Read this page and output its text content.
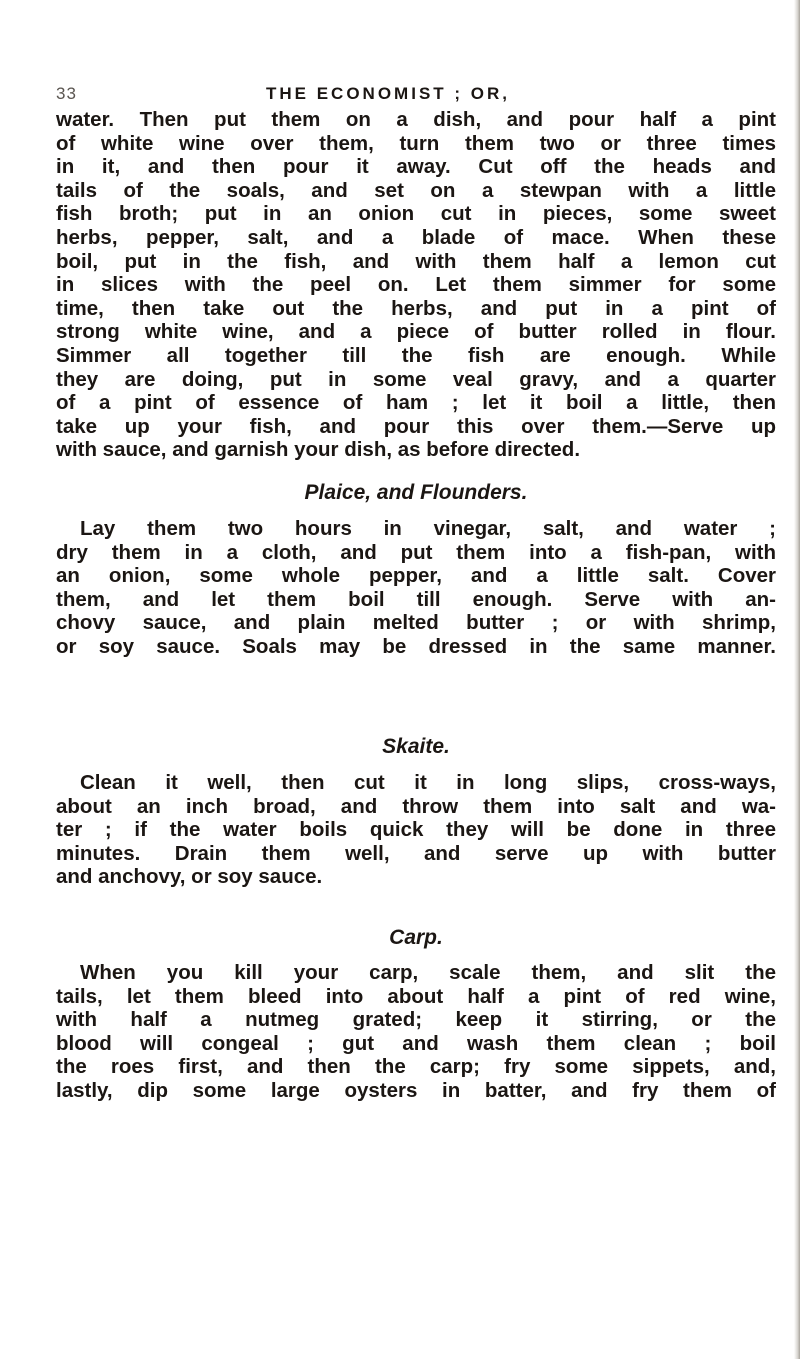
33	THE ECONOMIST ; OR,
water. Then put them on a dish, and pour half a pint
of white wine over them, turn them two or three times
in it, and then pour it away. Cut off the heads and
tails of the soals, and set on a stewpan with a little
fish broth; put in an onion cut in pieces, some sweet
herbs, pepper, salt, and a blade of mace. When these
boil, put in the fish, and with them half a lemon cut
in slices with the peel on. Let them simmer for some
time, then take out the herbs, and put in a pint of
strong white wine, and a piece of butter rolled in flour.
Simmer all together till the fish are enough. While
they are doing, put in some veal gravy, and a quarter
of a pint of essence of ham ; let it boil a little, then
take up your fish, and pour this over them.—Serve up
with sauce, and garnish your dish, as before directed.
Plaice, and Flounders.
Lay them two hours in vinegar, salt, and water ;
dry them in a cloth, and put them into a fish-pan, with
an onion, some whole pepper, and a little salt. Cover
them, and let them boil till enough. Serve with an-
chovy sauce, and plain melted butter ; or with shrimp,
or soy sauce. Soals may be dressed in the same manner.
Skaite.
Clean it well, then cut it in long slips, cross-ways,
about an inch broad, and throw them into salt and wa-
ter ; if the water boils quick they will be done in three
minutes. Drain them well, and serve up with butter
and anchovy, or soy sauce.
Carp.
When you kill your carp, scale them, and slit the
tails, let them bleed into about half a pint of red wine,
with half a nutmeg grated; keep it stirring, or the
blood will congeal ; gut and wash them clean ; boil
the roes first, and then the carp; fry some sippets, and,
lastly, dip some large oysters in batter, and fry them of
